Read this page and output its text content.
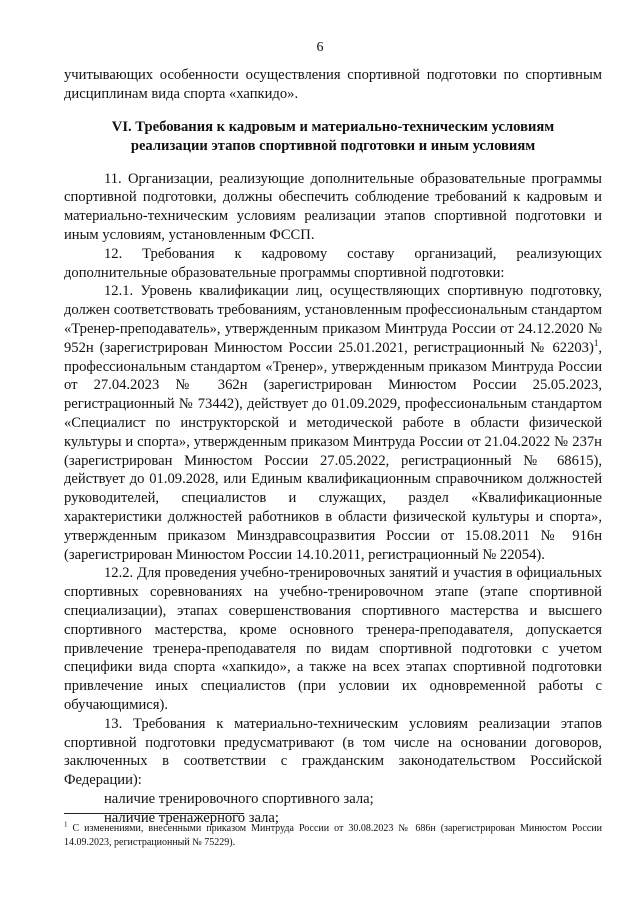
6

учитывающих особенности осуществления спортивной подготовки по спортивным дисциплинам вида спорта «хапкидо».

VI. Требования к кадровым и материально-техническим условиям реализации этапов спортивной подготовки и иным условиям

11. Организации, реализующие дополнительные образовательные программы спортивной подготовки, должны обеспечить соблюдение требований к кадровым и материально-техническим условиям реализации этапов спортивной подготовки и иным условиям, установленным ФССП.

12. Требования к кадровому составу организаций, реализующих дополнительные образовательные программы спортивной подготовки:

12.1. Уровень квалификации лиц, осуществляющих спортивную подготовку, должен соответствовать требованиям, установленным профессиональным стандартом «Тренер-преподаватель», утвержденным приказом Минтруда России от 24.12.2020 № 952н (зарегистрирован Минюстом России 25.01.2021, регистрационный № 62203)$^1$, профессиональным стандартом «Тренер», утвержденным приказом Минтруда России от 27.04.2023 № 362н (зарегистрирован Минюстом России 25.05.2023, регистрационный № 73442), действует до 01.09.2029, профессиональным стандартом «Специалист по инструкторской и методической работе в области физической культуры и спорта», утвержденным приказом Минтруда России от 21.04.2022 № 237н (зарегистрирован Минюстом России 27.05.2022, регистрационный № 68615), действует до 01.09.2028, или Единым квалификационным справочником должностей руководителей, специалистов и служащих, раздел «Квалификационные характеристики должностей работников в области физической культуры и спорта», утвержденным приказом Минздравсоцразвития России от 15.08.2011 № 916н (зарегистрирован Минюстом России 14.10.2011, регистрационный № 22054).

12.2. Для проведения учебно-тренировочных занятий и участия в официальных спортивных соревнованиях на учебно-тренировочном этапе (этапе спортивной специализации), этапах совершенствования спортивного мастерства и высшего спортивного мастерства, кроме основного тренера-преподавателя, допускается привлечение тренера-преподавателя по видам спортивной подготовки с учетом специфики вида спорта «хапкидо», а также на всех этапах спортивной подготовки привлечение иных специалистов (при условии их одновременной работы с обучающимися).

13. Требования к материально-техническим условиям реализации этапов спортивной подготовки предусматривают (в том числе на основании договоров, заключенных в соответствии с гражданским законодательством Российской Федерации):

наличие тренировочного спортивного зала;

наличие тренажерного зала;

$^1$ С изменениями, внесенными приказом Минтруда России от 30.08.2023 № 686н (зарегистрирован Минюстом России 14.09.2023, регистрационный № 75229).
